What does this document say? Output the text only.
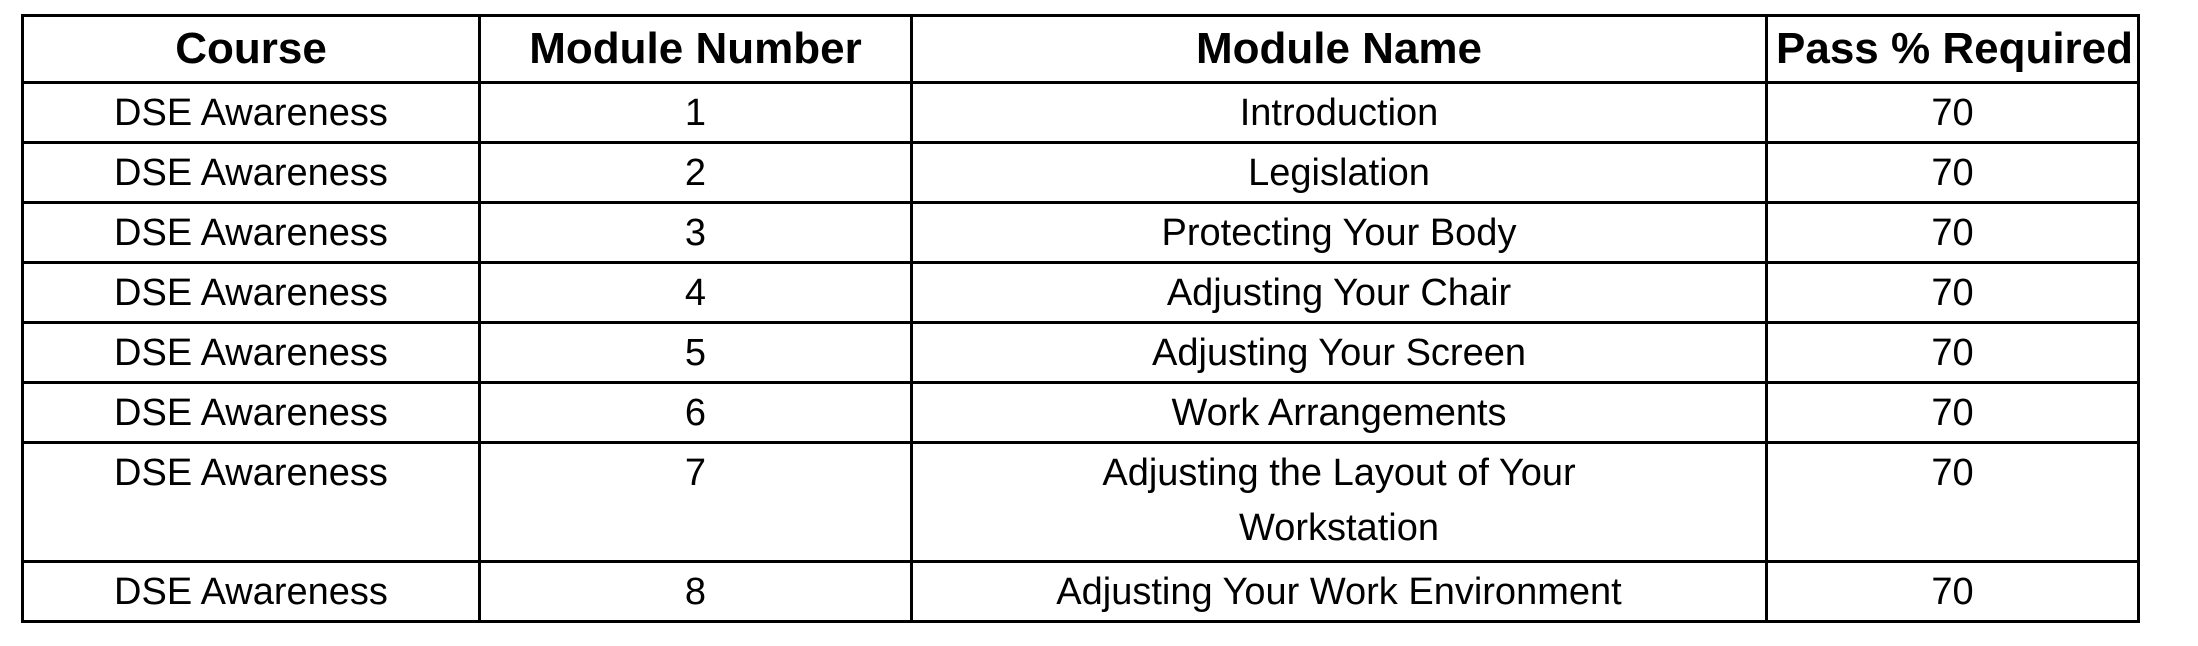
Course	Module Number	Module Name	Pass % Required
DSE Awareness	1	Introduction	70
DSE Awareness	2	Legislation	70
DSE Awareness	3	Protecting Your Body	70
DSE Awareness	4	Adjusting Your Chair	70
DSE Awareness	5	Adjusting Your Screen	70
DSE Awareness	6	Work Arrangements	70
DSE Awareness	7	Adjusting the Layout of Your Workstation	70
DSE Awareness	8	Adjusting Your Work Environment	70
